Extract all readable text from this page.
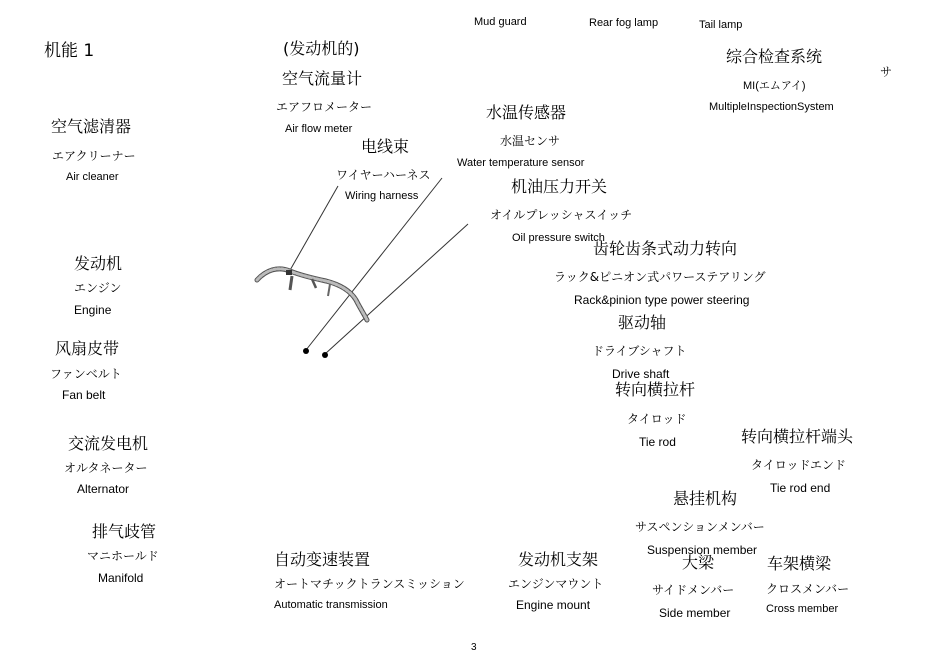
机能 1
Mud guard	Rear fog lamp	Tail lamp
サ
(发动机的)
空气流量计
エアフロメーター
Air flow meter
电线束
ワイヤーハーネス
Wiring harness
水温传感器
水温センサ
Water temperature sensor
机油压力开关
オイルプレッシャスイッチ
Oil pressure switch
综合检查系统
MI(エムアイ)
MultipleInspectionSystem
空气滤清器
エアクリーナー
Air cleaner
发动机
エンジン
Engine
风扇皮带
ファンベルト
Fan belt
交流发电机
オルタネーター
Alternator
排气歧管
マニホールド
Manifold
齿轮齿条式动力转向
ラック&ピニオン式パワーステアリング
Rack&pinion type power steering
驱动轴
ドライブシャフト
Drive shaft
转向横拉杆
タイロッド
Tie rod	转向横拉杆端头
タイロッドエンド
Tie rod end
悬挂机构
サスペンションメンバー
Suspension member
自动变速装置
オートマチックトランスミッション
Automatic transmission
发动机支架
エンジンマウント
Engine mount
大梁
サイドメンバー
Side member
车架横梁
クロスメンバー
Cross member
3
